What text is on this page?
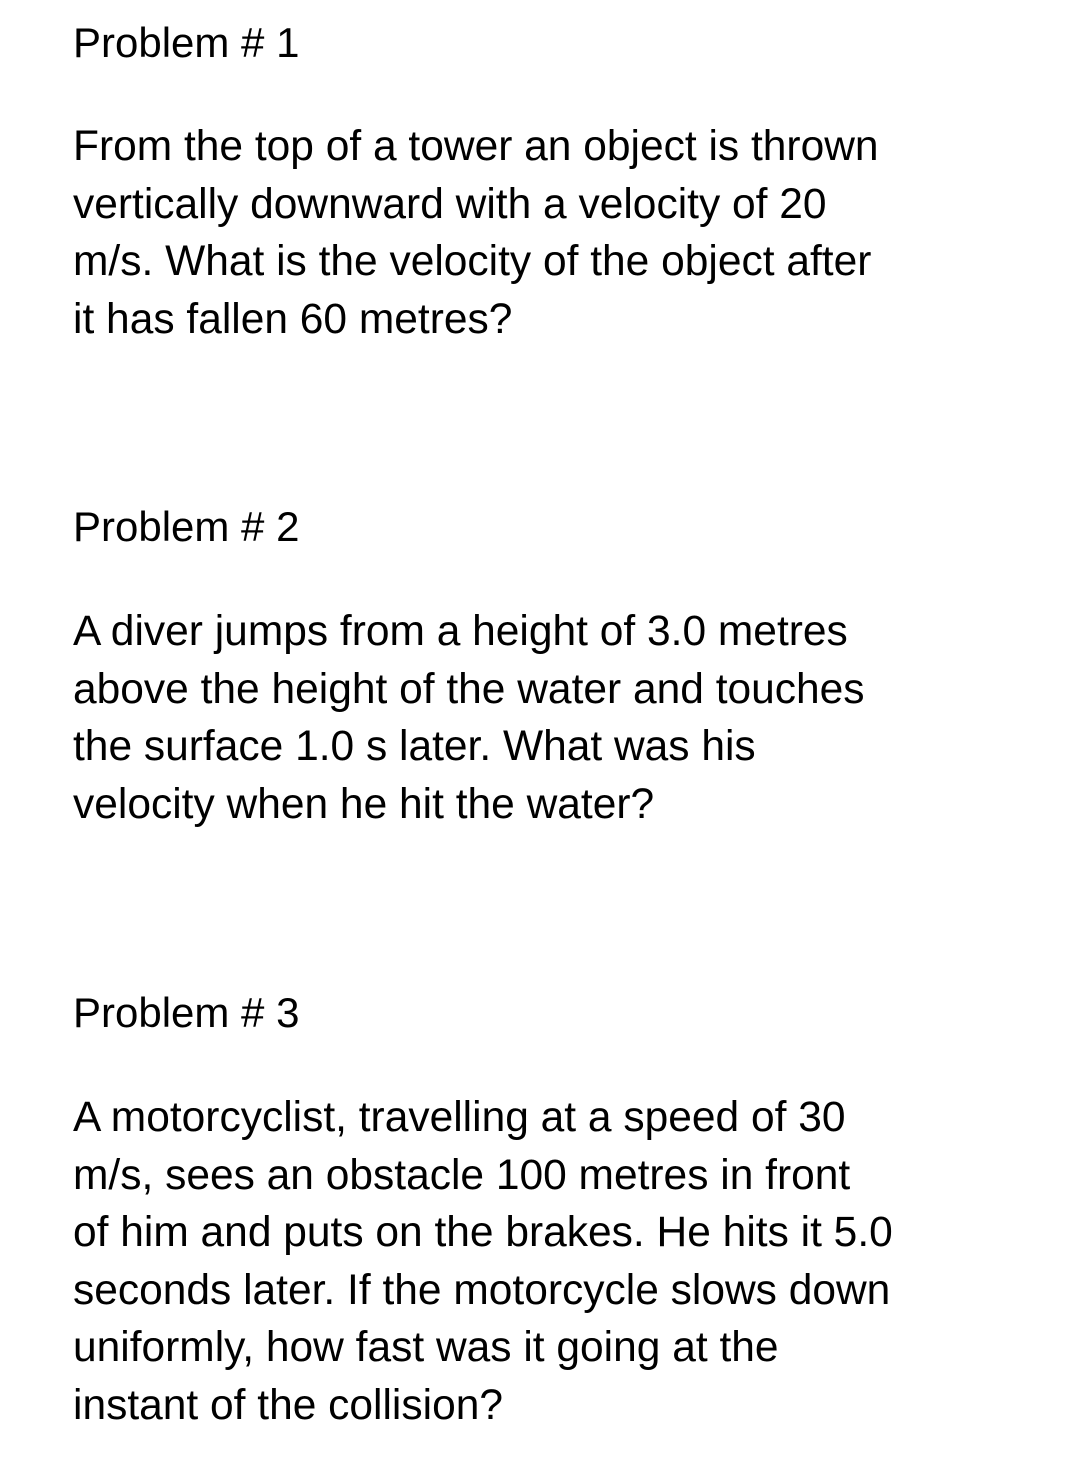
Problem # 1

From the top of a tower an object is thrown
vertically downward with a velocity of 20
m/s. What is the velocity of the object after
it has fallen 60 metres?

Problem # 2

A diver jumps from a height of 3.0 metres
above the height of the water and touches
the surface 1.0 s later. What was his
velocity when he hit the water?

Problem # 3

A motorcyclist, travelling at a speed of 30
m/s, sees an obstacle 100 metres in front
of him and puts on the brakes. He hits it 5.0
seconds later. If the motorcycle slows down
uniformly, how fast was it going at the
instant of the collision?
